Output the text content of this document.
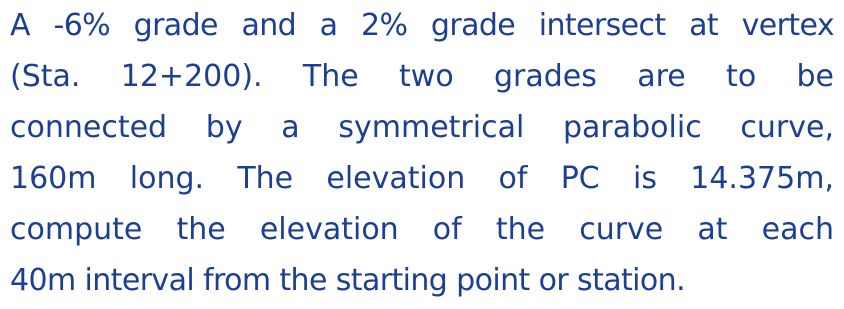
A -6% grade and a 2% grade intersect at vertex
(Sta. 12+200). The two grades are to be
connected by a symmetrical parabolic curve,
160m long. The elevation of PC is 14.375m,
compute the elevation of the curve at each
40m interval from the starting point or station.
